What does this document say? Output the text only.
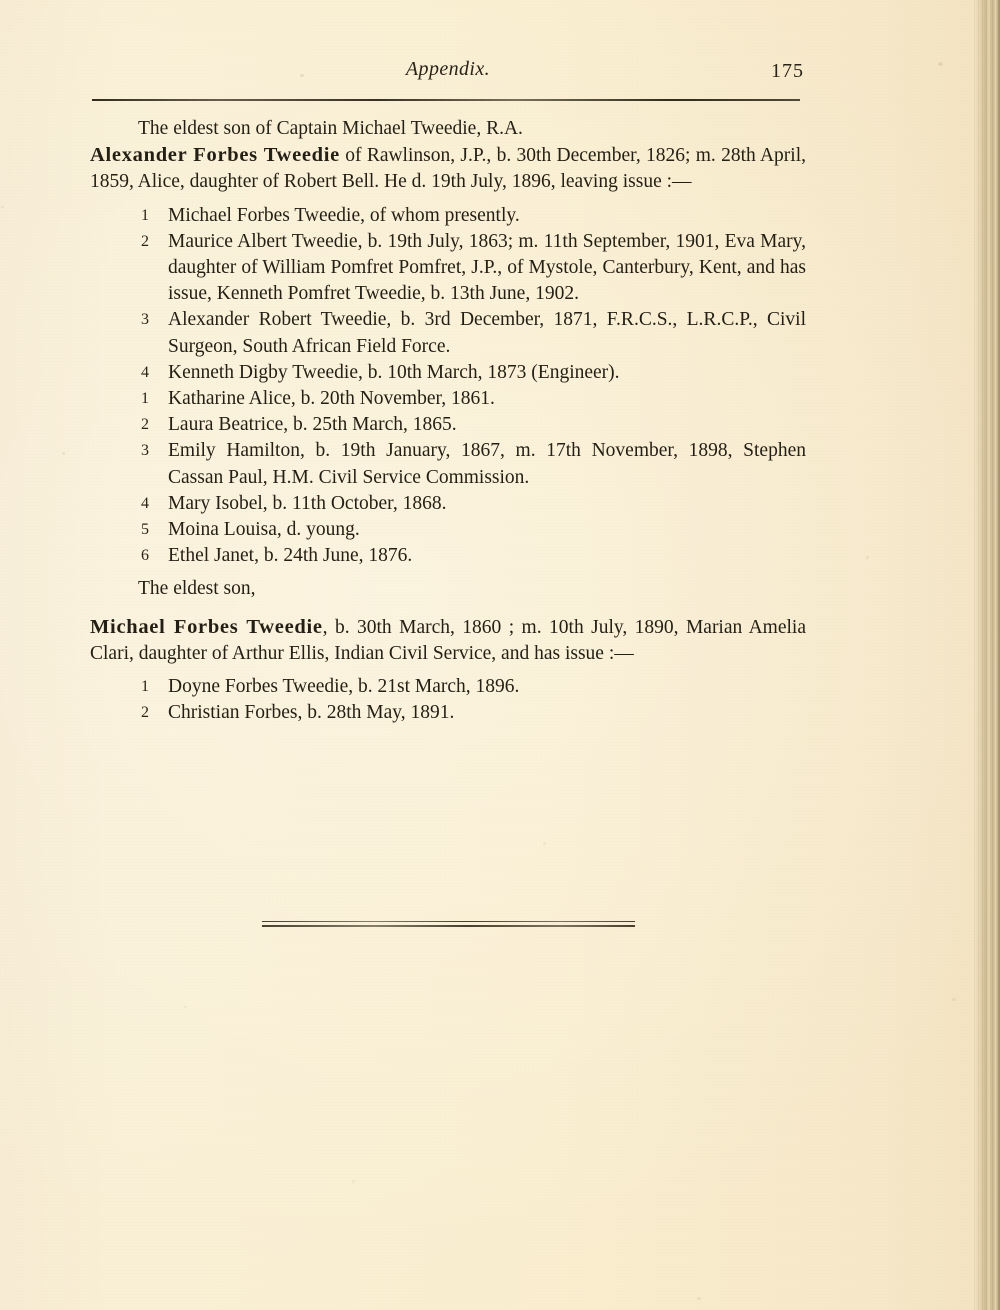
Appendix.	175

The eldest son of Captain Michael Tweedie, R.A.

Alexander Forbes Tweedie of Rawlinson, J.P., b. 30th December, 1826; m. 28th April, 1859, Alice, daughter of Robert Bell. He d. 19th July, 1896, leaving issue :—

1 Michael Forbes Tweedie, of whom presently.
2 Maurice Albert Tweedie, b. 19th July, 1863; m. 11th September, 1901, Eva Mary, daughter of William Pomfret Pomfret, J.P., of Mystole, Canterbury, Kent, and has issue, Kenneth Pomfret Tweedie, b. 13th June, 1902.
3 Alexander Robert Tweedie, b. 3rd December, 1871, F.R.C.S., L.R.C.P., Civil Surgeon, South African Field Force.
4 Kenneth Digby Tweedie, b. 10th March, 1873 (Engineer).
1 Katharine Alice, b. 20th November, 1861.
2 Laura Beatrice, b. 25th March, 1865.
3 Emily Hamilton, b. 19th January, 1867, m. 17th November, 1898, Stephen Cassan Paul, H.M. Civil Service Commission.
4 Mary Isobel, b. 11th October, 1868.
5 Moina Louisa, d. young.
6 Ethel Janet, b. 24th June, 1876.

The eldest son,

Michael Forbes Tweedie, b. 30th March, 1860 ; m. 10th July, 1890, Marian Amelia Clari, daughter of Arthur Ellis, Indian Civil Service, and has issue :—

1 Doyne Forbes Tweedie, b. 21st March, 1896.
2 Christian Forbes, b. 28th May, 1891.
